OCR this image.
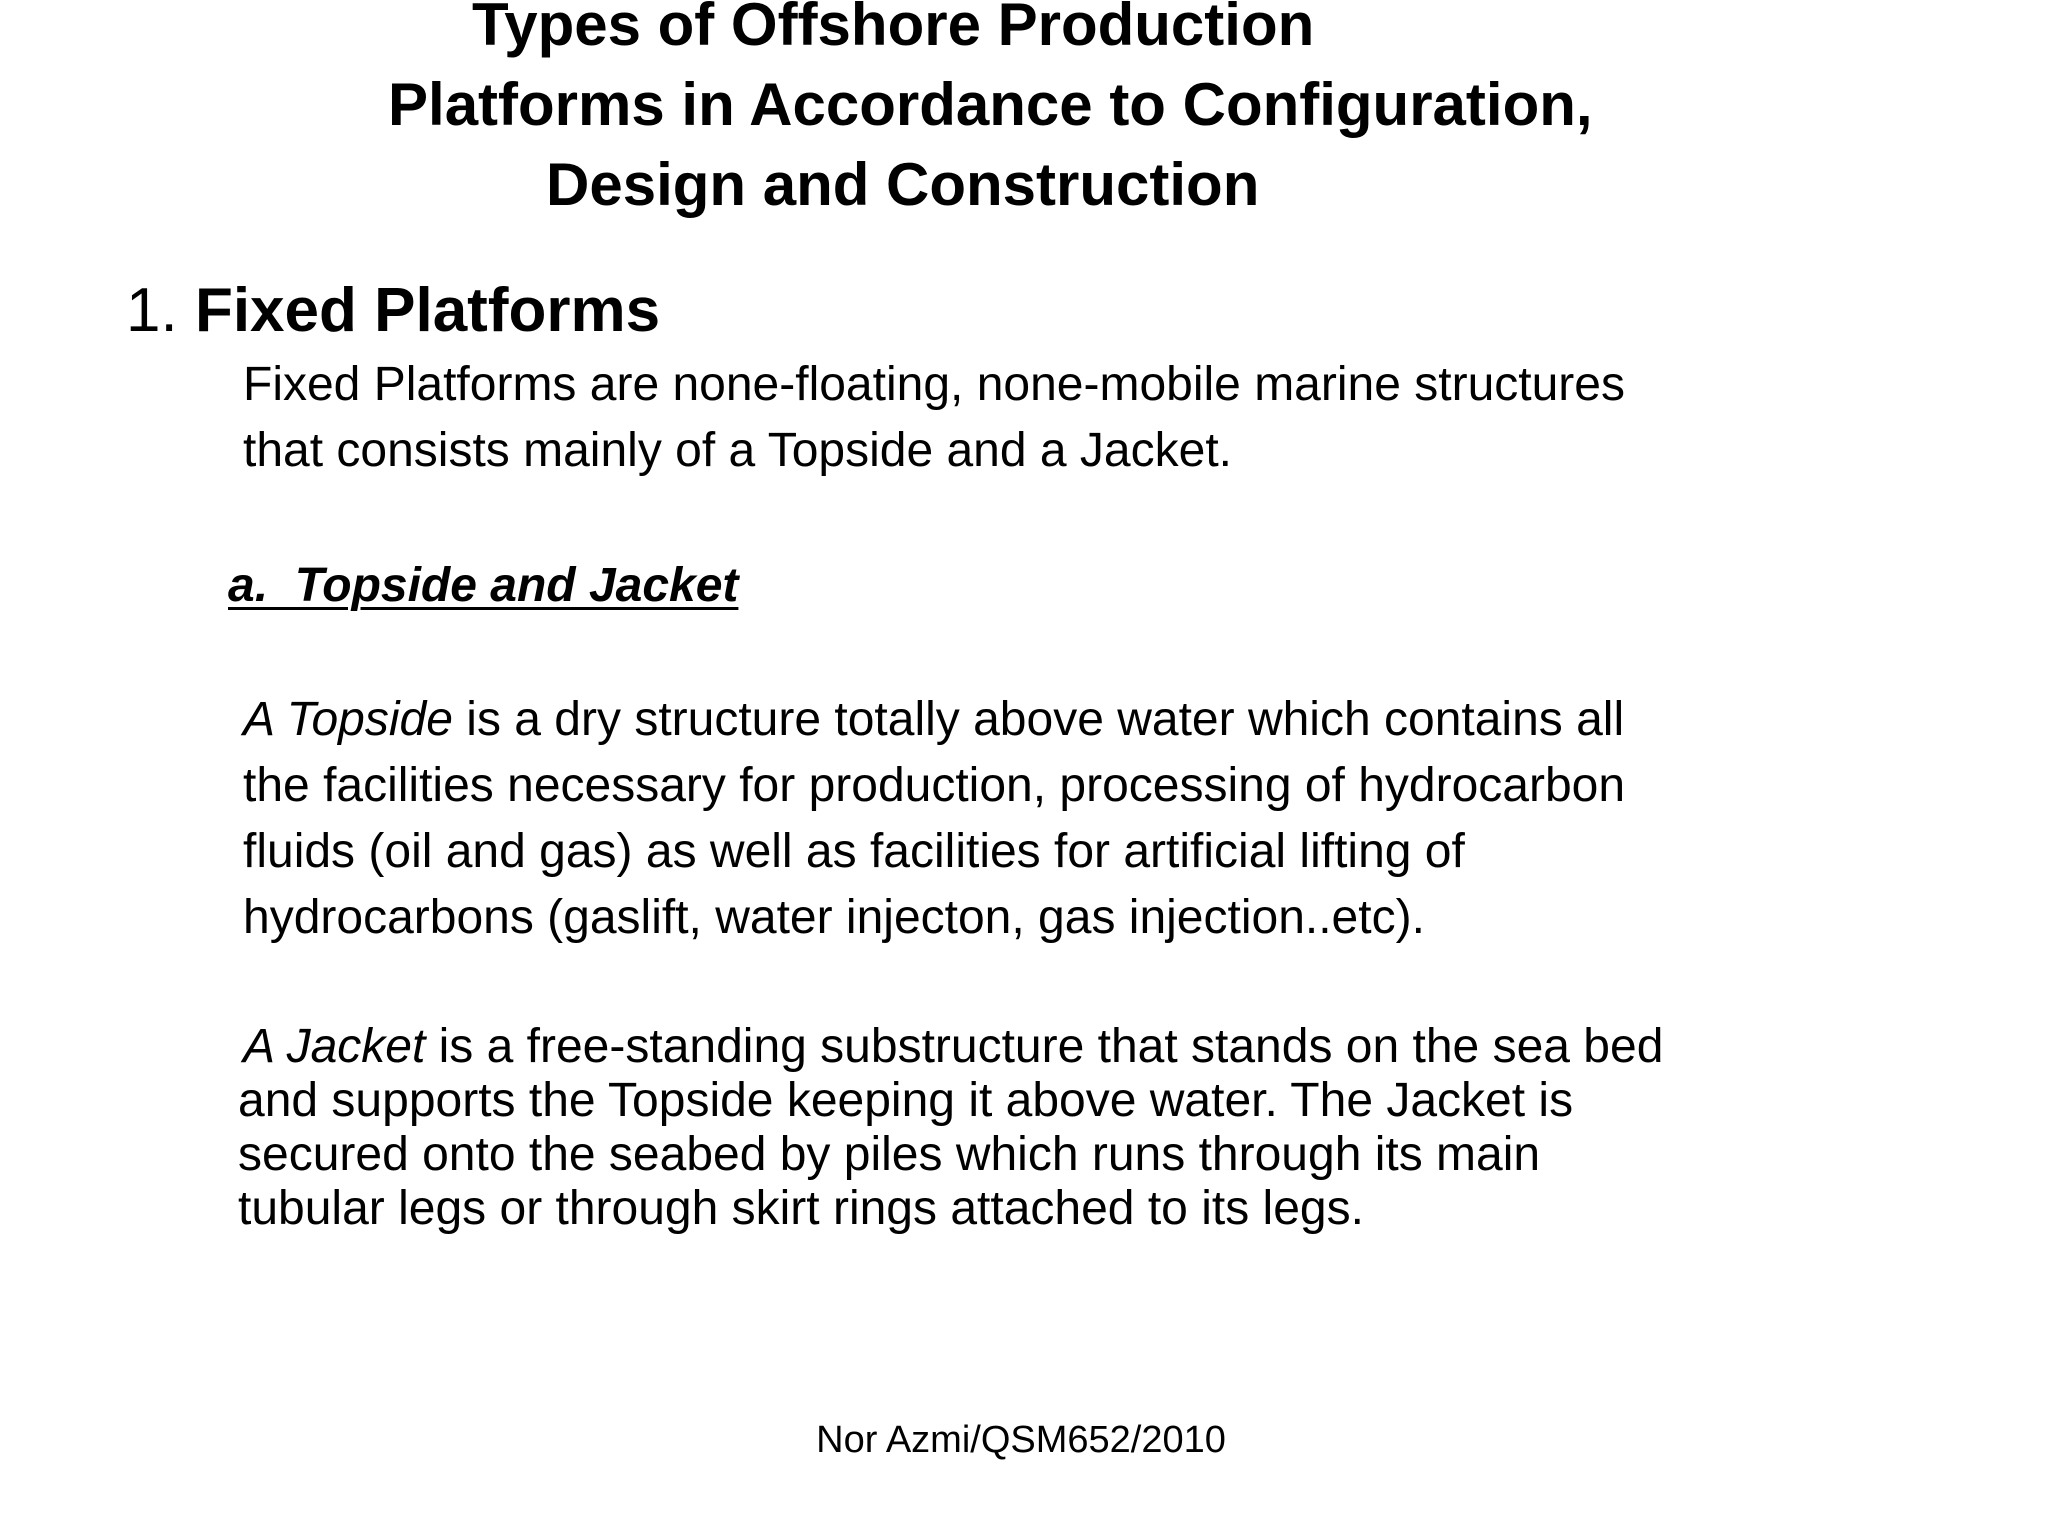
Types of Offshore Production
Platforms in Accordance to Configuration,
Design and Construction
1. Fixed Platforms
Fixed Platforms are none-floating, none-mobile marine structures
that consists mainly of a Topside and a Jacket.
a.  Topside and Jacket
A Topside is a dry structure totally above water which contains all
the facilities necessary for production, processing of hydrocarbon
fluids (oil and gas) as well as facilities for artificial lifting of
hydrocarbons (gaslift, water injecton, gas injection..etc).
A Jacket is a free-standing substructure that stands on the sea bed
and supports the Topside keeping it above water. The Jacket is
secured onto the seabed by piles which runs through its main
tubular legs or through skirt rings attached to its legs.
Nor Azmi/QSM652/2010
